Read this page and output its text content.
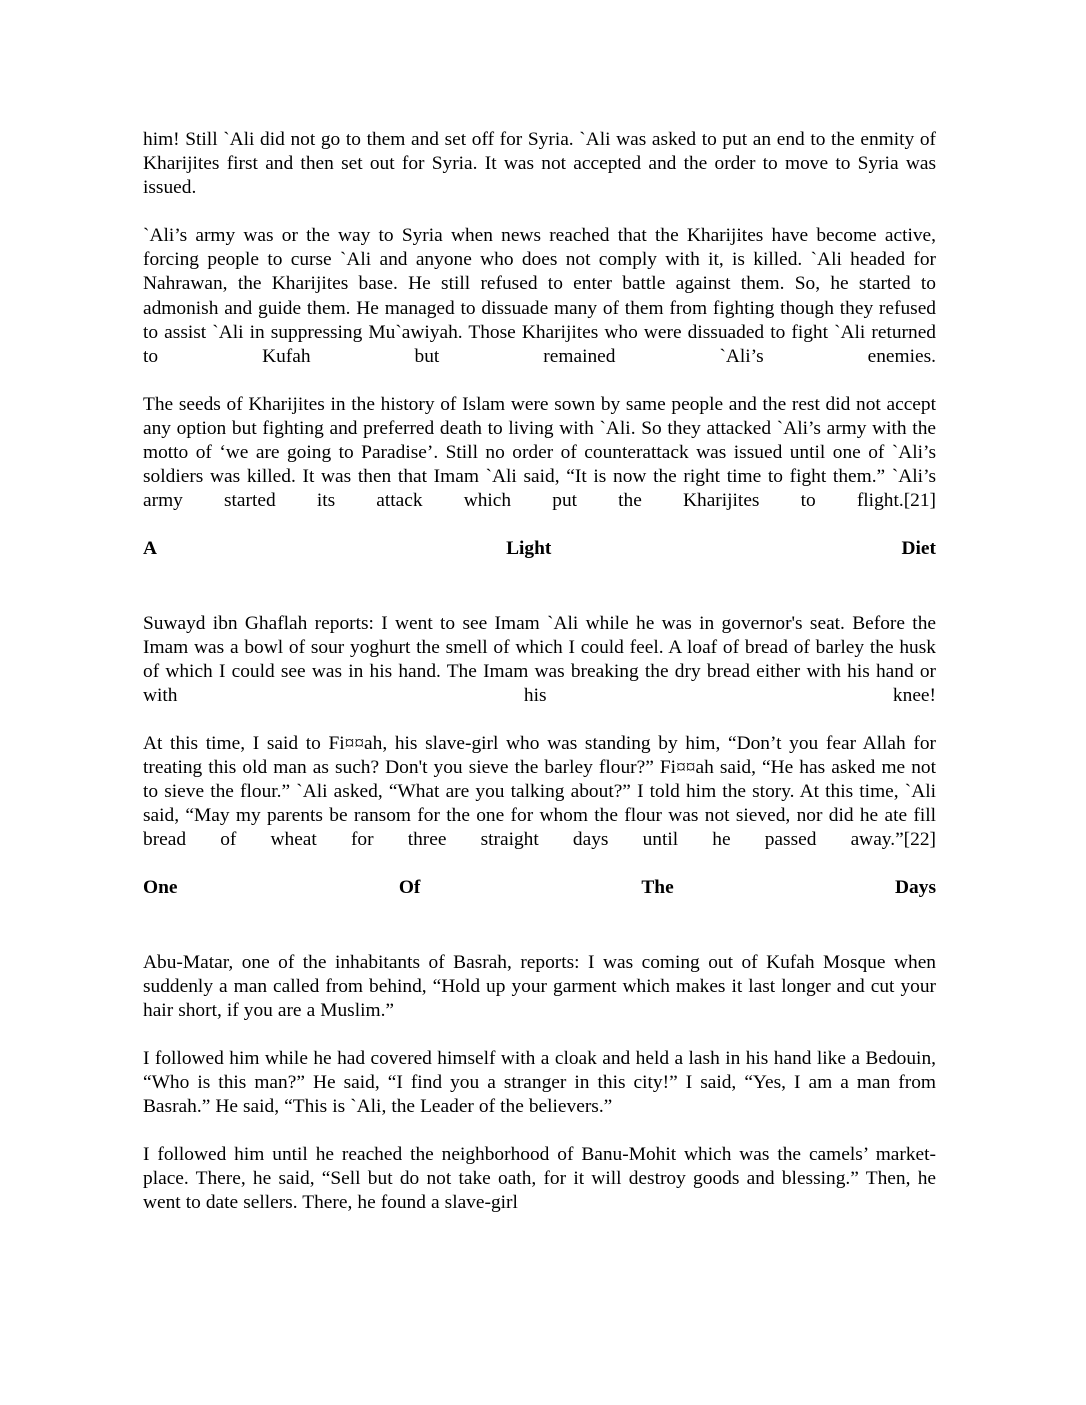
him! Still `Ali did not go to them and set off for Syria. `Ali was asked to put an end to the enmity of Kharijites first and then set out for Syria. It was not accepted and the order to move to Syria was issued.

`Ali’s army was or the way to Syria when news reached that the Kharijites have become active, forcing people to curse `Ali and anyone who does not comply with it, is killed. `Ali headed for Nahrawan, the Kharijites base. He still refused to enter battle against them. So, he started to admonish and guide them. He managed to dissuade many of them from fighting though they refused to assist `Ali in suppressing Mu`awiyah. Those Kharijites who were dissuaded to fight `Ali returned to Kufah but remained `Ali’s enemies.

The seeds of Kharijites in the history of Islam were sown by same people and the rest did not accept any option but fighting and preferred death to living with `Ali. So they attacked `Ali’s army with the motto of ‘we are going to Paradise’. Still no order of counterattack was issued until one of `Ali’s soldiers was killed. It was then that Imam `Ali said, “It is now the right time to fight them.” `Ali’s army started its attack which put the Kharijites to flight.[21]

A Light Diet

Suwayd ibn Ghaflah reports: I went to see Imam `Ali while he was in governor's seat. Before the Imam was a bowl of sour yoghurt the smell of which I could feel. A loaf of bread of barley the husk of which I could see was in his hand. The Imam was breaking the dry bread either with his hand or with his knee!

At this time, I said to Fi¤¤ah, his slave-girl who was standing by him, “Don’t you fear Allah for treating this old man as such? Don't you sieve the barley flour?” Fi¤¤ah said, “He has asked me not to sieve the flour.” `Ali asked, “What are you talking about?” I told him the story. At this time, `Ali said, “May my parents be ransom for the one for whom the flour was not sieved, nor did he ate fill bread of wheat for three straight days until he passed away.”[22]

One Of The Days

Abu-Matar, one of the inhabitants of Basrah, reports: I was coming out of Kufah Mosque when suddenly a man called from behind, “Hold up your garment which makes it last longer and cut your hair short, if you are a Muslim.”

I followed him while he had covered himself with a cloak and held a lash in his hand like a Bedouin, “Who is this man?” He said, “I find you a stranger in this city!” I said, “Yes, I am a man from Basrah.” He said, “This is `Ali, the Leader of the believers.”

I followed him until he reached the neighborhood of Banu-Mohit which was the camels’ market-place. There, he said, “Sell but do not take oath, for it will destroy goods and blessing.” Then, he went to date sellers. There, he found a slave-girl
